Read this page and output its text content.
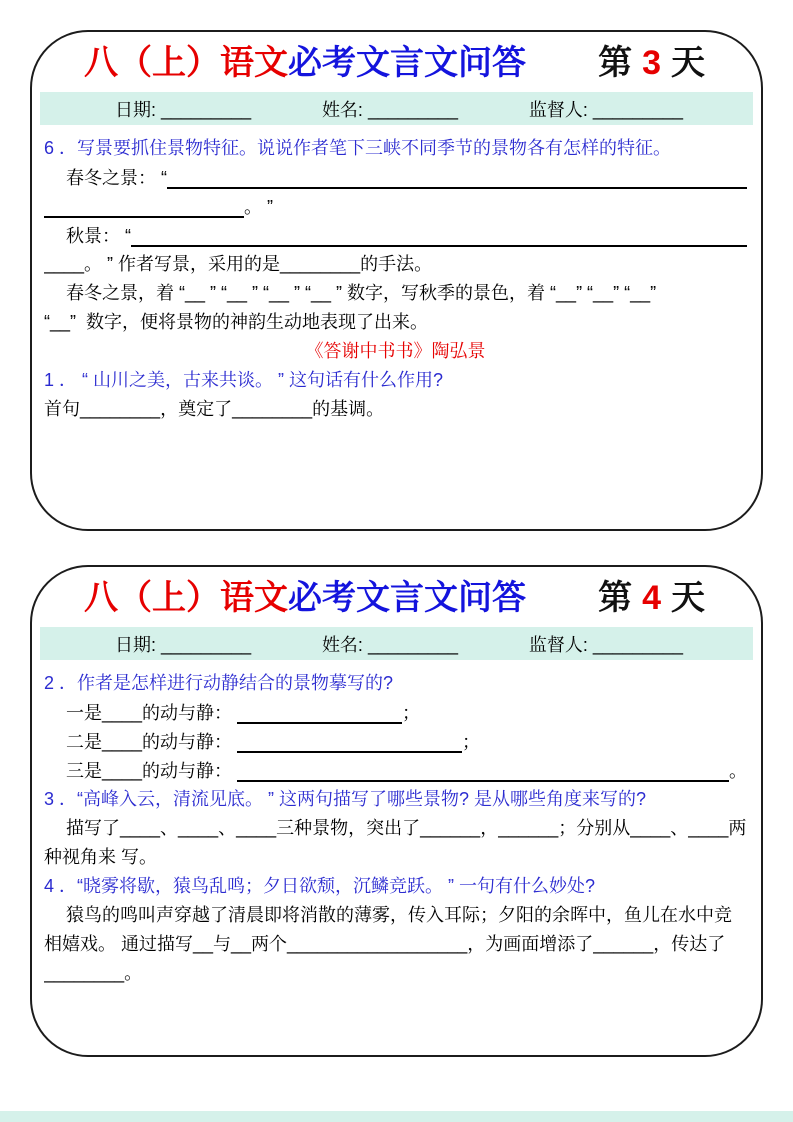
八（上）语文必考文言文问答 第 3 天
日期: _________	姓名: _________	监督人: _________
6 ．写景要抓住景物特征。说说作者笔下三峡不同季节的景物各有怎样的特征。
春冬之景： “
。 ”
秋景： “
____。 ” 作者写景，采用的是________的手法。
春冬之景，着 “__ ” “__ ” “__ ” “__ ” 数字，写秋季的景色，着 “__” “__” “__”
“__”  数字，便将景物的神韵生动地表现了出来。
《答谢中书书》陶弘景
1 ． “ 山川之美，古来共谈。 ” 这句话有什么作用?
首句________，奠定了________的基调。
八（上）语文必考文言文问答 第 4 天
日期: _________	姓名: _________	监督人: _________
2 ．作者是怎样进行动静结合的景物摹写的?
一是____的动与静：	；
二是____的动与静：	；
三是____的动与静：	。
3 ．“高峰入云，清流见底。 ” 这两句描写了哪些景物? 是从哪些角度来写的?
描写了____、____、____三种景物，突出了______，______；分别从____、____两
种视角来 写。
4 ．“晓雾将歇，猿鸟乱鸣；夕日欲颓，沉鳞竞跃。 ” 一句有什么妙处?
猿鸟的鸣叫声穿越了清晨即将消散的薄雾，传入耳际；夕阳的余晖中，鱼儿在水中竞
相嬉戏。 通过描写__与__两个__________________，为画面增添了______，传达了
________。
